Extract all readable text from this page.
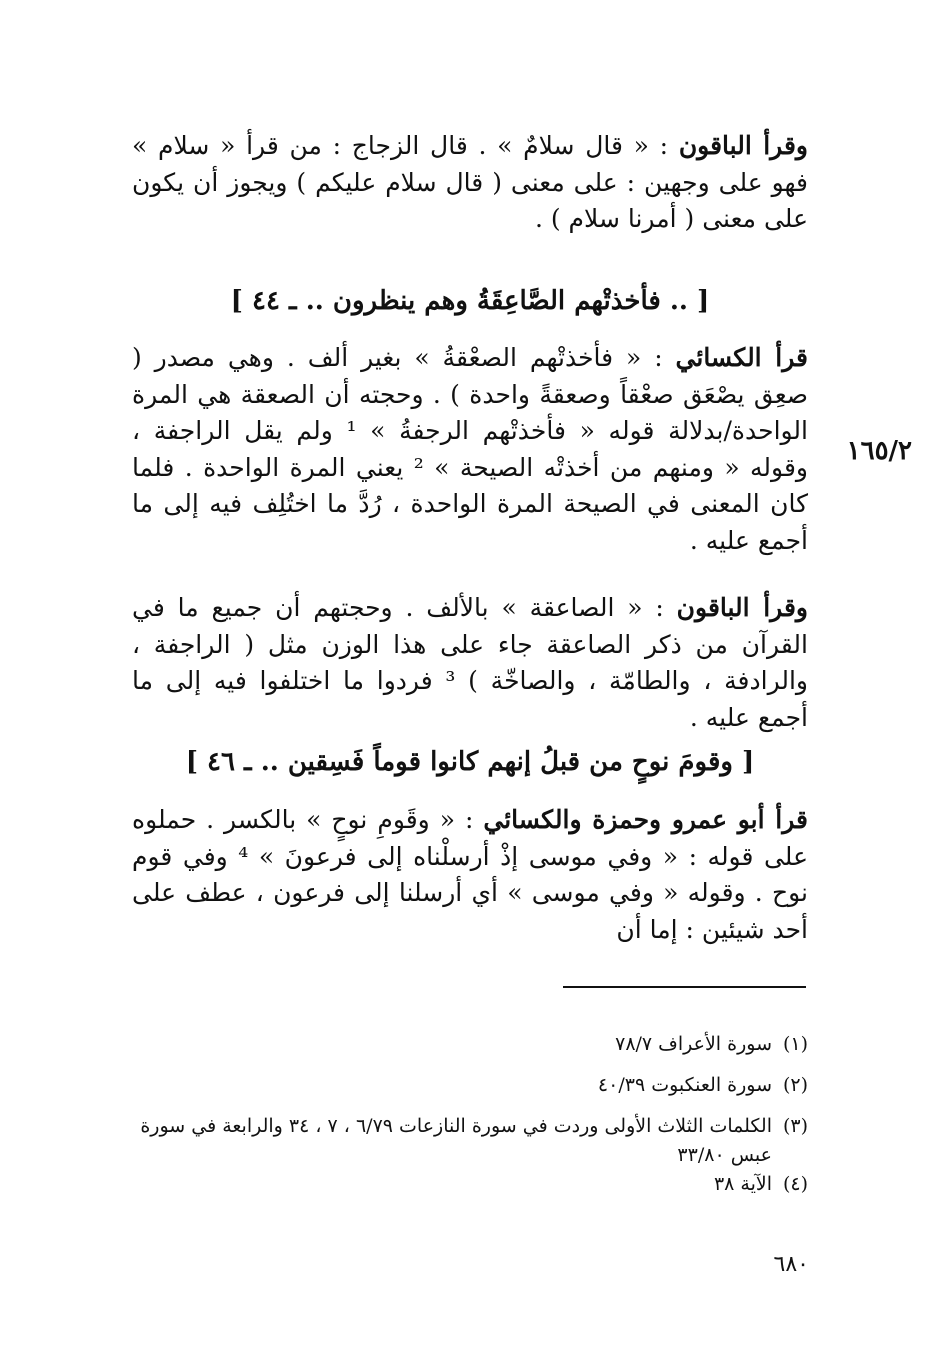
وقرأ الباقون : « قال سلامٌ » . قال الزجاج : من قرأ « سلام » فهو على وجهين : على معنى ( قال سلام عليكم ) ويجوز أن يكون على معنى ( أمرنا سلام ) .

[ .. فأخذتْهم الصَّاعِقَةُ وهم ينظرون .. ـ ٤٤ ]

قرأ الكسائي : « فأخذتْهم الصعْقةُ » بغير ألف . وهي مصدر ( صعِق يصْعَق صعْقاً وصعقةً واحدة ) . وحجته أن الصعقة هي المرة الواحدة/بدلالة قوله « فأخذتْهم الرجفةُ » ¹ ولم يقل الراجفة ، وقوله « ومنهم من أخذتْه الصيحة » ² يعني المرة الواحدة . فلما كان المعنى في الصيحة المرة الواحدة ، رُدَّ ما اختُلِف فيه إلى ما أجمع عليه .

١٦٥/٢

وقرأ الباقون : « الصاعقة » بالألف . وحجتهم أن جميع ما في القرآن من ذكر الصاعقة جاء على هذا الوزن مثل ( الراجفة ، والرادفة ، والطامّة ، والصاخّة ) ³ فردوا ما اختلفوا فيه إلى ما أجمع عليه .

[ وقومَ نوحٍ من قبلُ إنهم كانوا قوماً فَسِقين .. ـ ٤٦ ]

قرأ أبو عمرو وحمزة والكسائي : « وقَومِ نوحٍ » بالكسر . حملوه على قوله : « وفي موسى إذْ أرسلْناه إلى فرعونَ » ⁴ وفي قوم نوح . وقوله « وفي موسى » أي أرسلنا إلى فرعون ، عطف على أحد شيئين : إما أن

(١)
سورة الأعراف ٧٨/٧

(٢)
سورة العنكبوت ٤٠/٣٩

(٣)
الكلمات الثلاث الأولى وردت في سورة النازعات ٦/٧٩ ، ٧ ، ٣٤ والرابعة في سورة عبس ٣٣/٨٠

(٤)
الآية ٣٨

٦٨٠
